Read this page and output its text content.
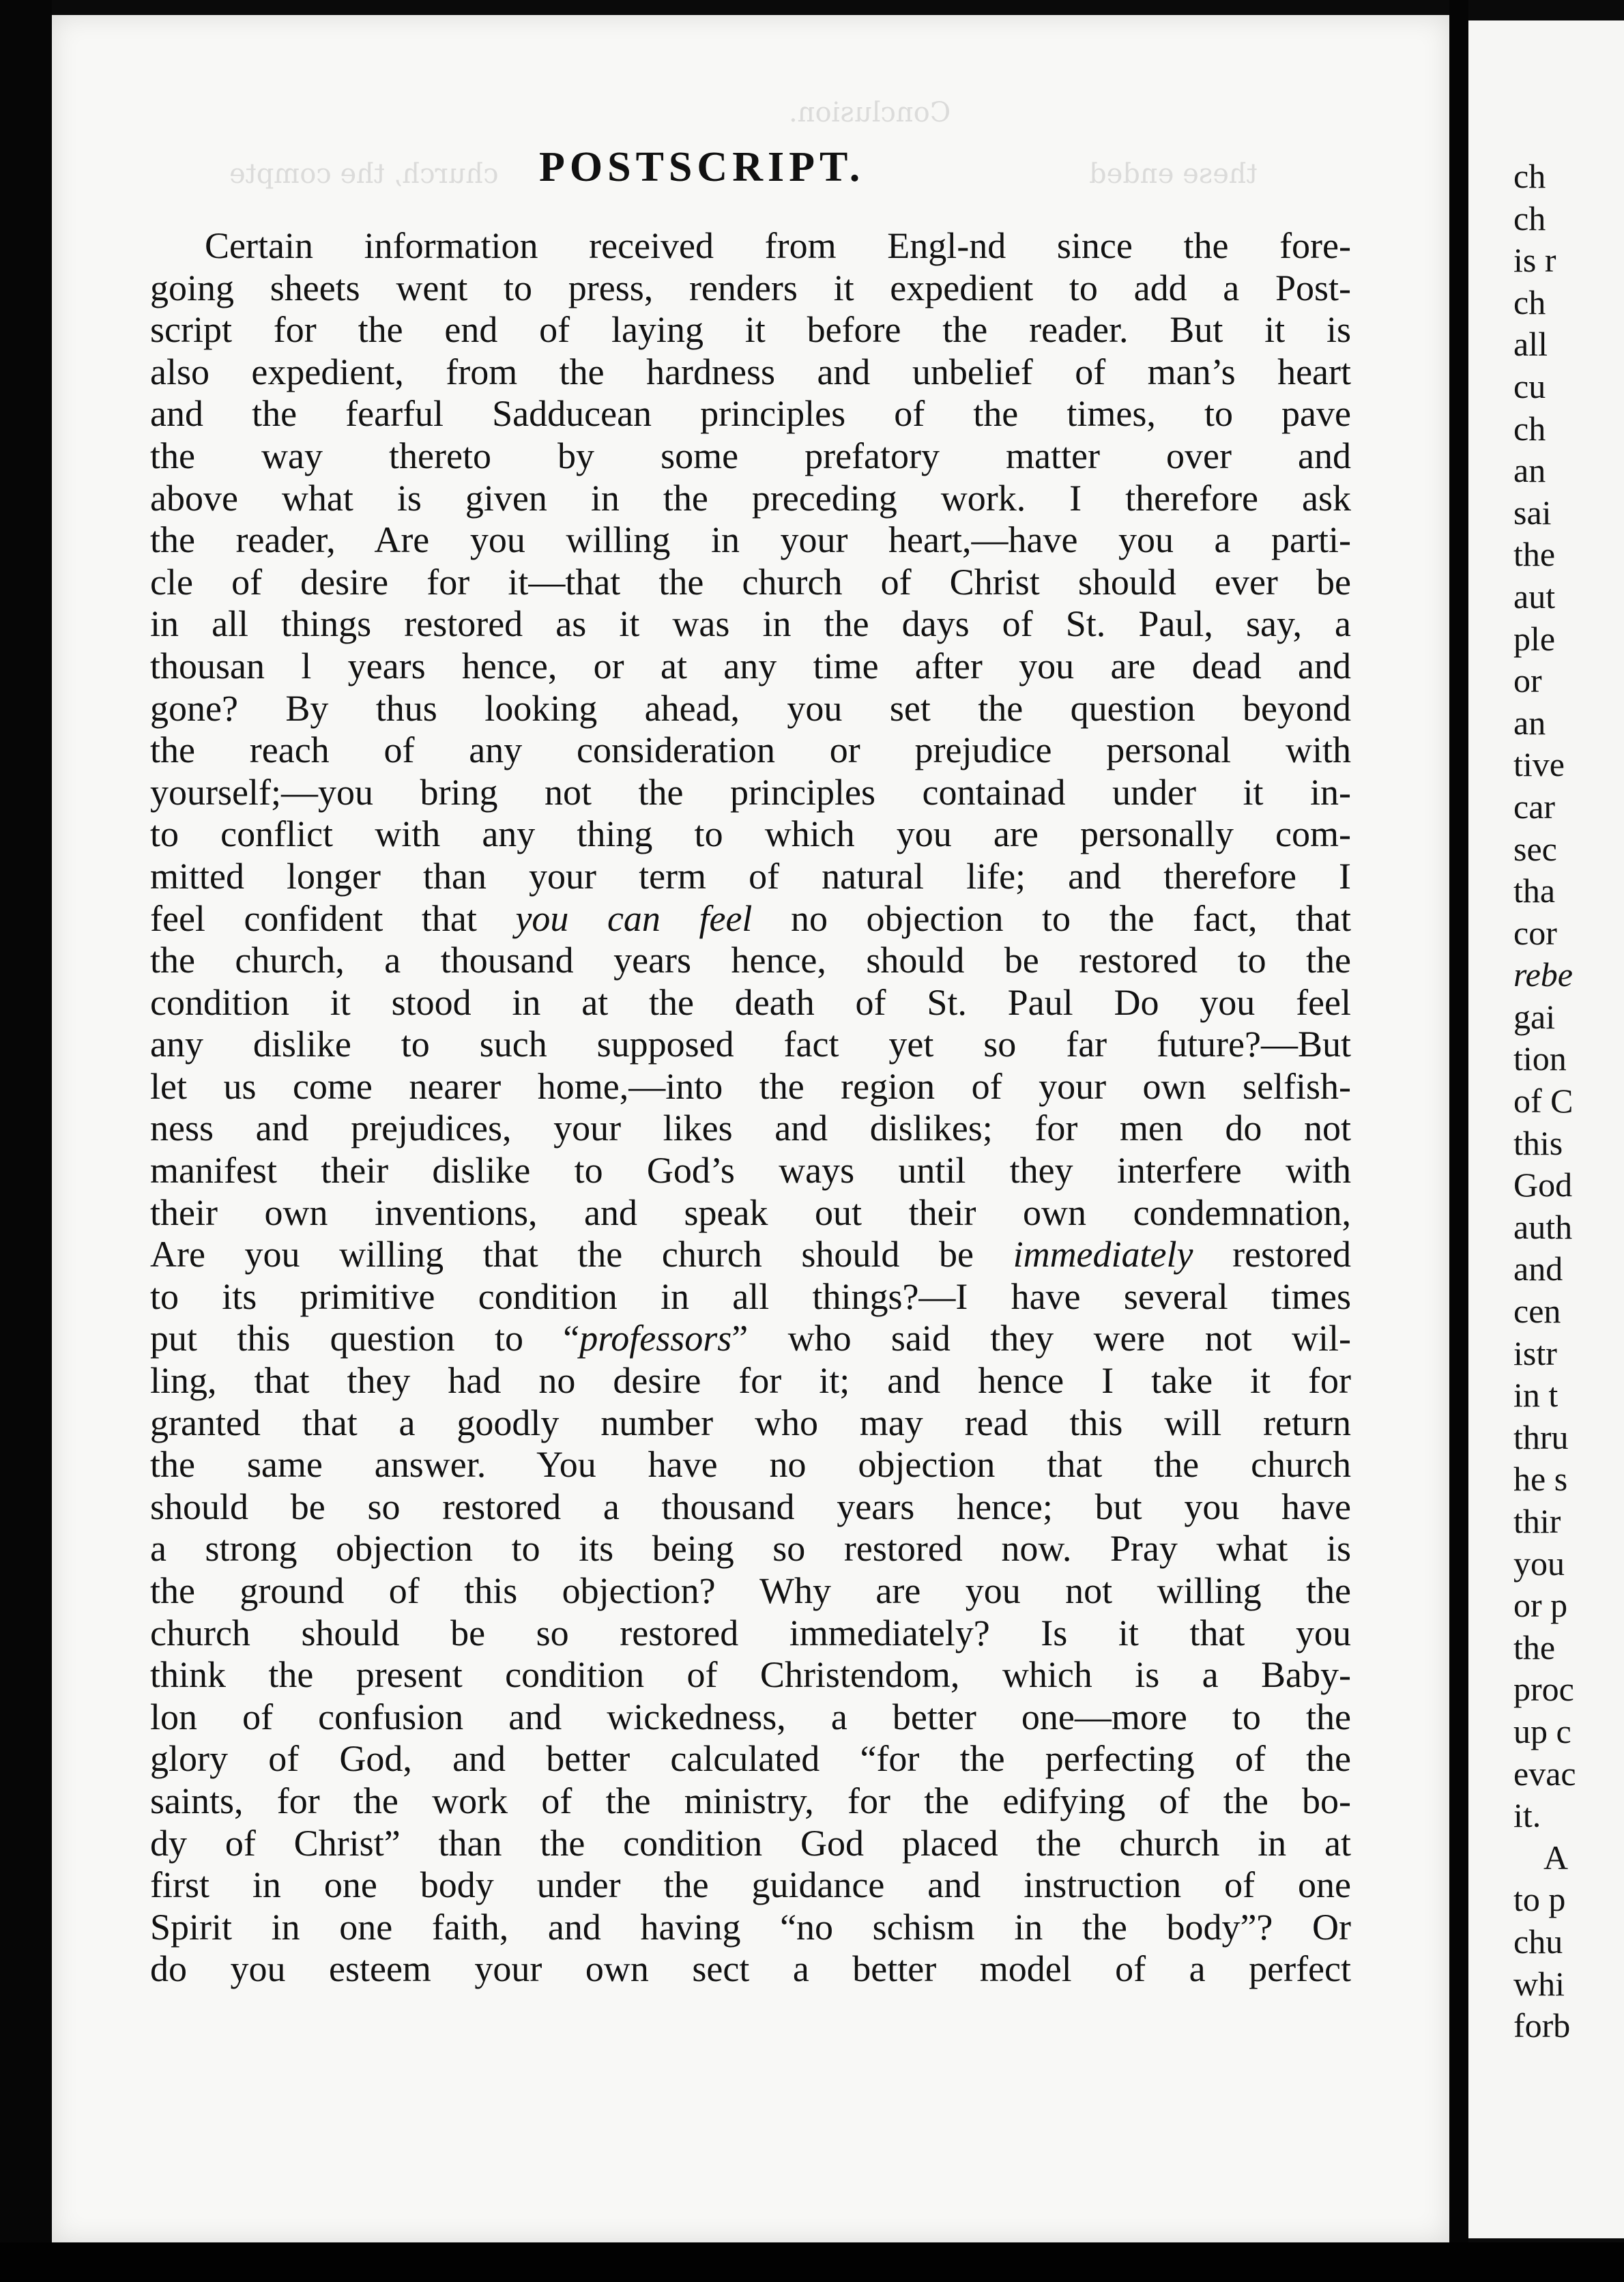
Conclusion.
church, the compte	these ended
POSTSCRIPT.
Certain information received from Engl-nd since the fore-
going sheets went to press, renders it expedient to add a Post-
script for the end of laying it before the reader. But it is
also expedient, from the hardness and unbelief of man’s heart
and the fearful Sadducean principles of the times, to pave
the way thereto by some prefatory matter over and
above what is given in the preceding work. I therefore ask
the reader, Are you willing in your heart,—have you a parti-
cle of desire for it—that the church of Christ should ever be
in all things restored as it was in the days of St. Paul, say, a
thousan l years hence, or at any time after you are dead and
gone? By thus looking ahead, you set the question beyond
the reach of any consideration or prejudice personal with
yourself;—you bring not the principles containad under it in-
to conflict with any thing to which you are personally com-
mitted longer than your term of natural life; and therefore I
feel confident that you can feel no objection to the fact, that
the church, a thousand years hence, should be restored to the
condition it stood in at the death of St. Paul Do you feel
any dislike to such supposed fact yet so far future?—But
let us come nearer home,—into the region of your own selfish-
ness and prejudices, your likes and dislikes; for men do not
manifest their dislike to God’s ways until they interfere with
their own inventions, and speak out their own condemnation,
Are you willing that the church should be immediately restored
to its primitive condition in all things?—I have several times
put this question to “professors” who said they were not wil-
ling, that they had no desire for it; and hence I take it for
granted that a goodly number who may read this will return
the same answer. You have no objection that the church
should be so restored a thousand years hence; but you have
a strong objection to its being so restored now. Pray what is
the ground of this objection? Why are you not willing the
church should be so restored immediately? Is it that you
think the present condition of Christendom, which is a Baby-
lon of confusion and wickedness, a better one—more to the
glory of God, and better calculated “for the perfecting of the
saints, for the work of the ministry, for the edifying of the bo-
dy of Christ” than the condition God placed the church in at
first in one body under the guidance and instruction of one
Spirit in one faith, and having “no schism in the body”? Or
do you esteem your own sect a better model of a perfect
ch
ch
is r
ch
all
cu
ch
an
sai
the
aut
ple
or
an
tive
car
sec
tha
cor
rebe
gai
tion
of C
this
God
auth
and
cen
istr
in t
thru
he s
thir
you
or p
the
proc
up c
evac
it.
A
to p
chu
whi
forb
